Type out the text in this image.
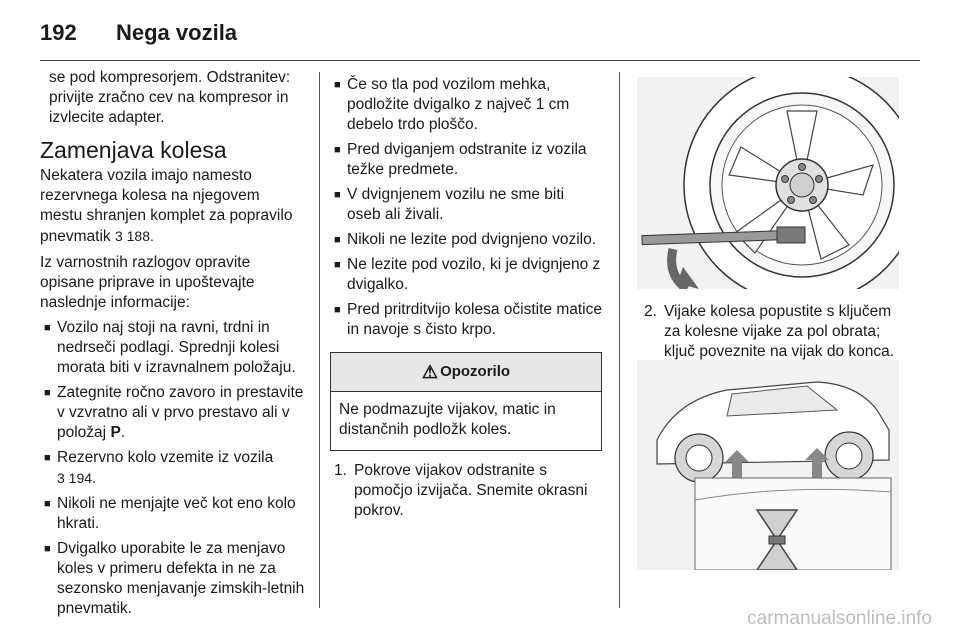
192 Nega vozila

se pod kompresorjem. Odstranitev: privijte zračno cev na kompresor in izvlecite adapter.

Zamenjava kolesa

Nekatera vozila imajo namesto rezervnega kolesa na njegovem mestu shranjen komplet za popravilo pnevmatik 3 188.

Iz varnostnih razlogov opravite opisane priprave in upoštevajte naslednje informacije:

■ Vozilo naj stoji na ravni, trdni in nedrseči podlagi. Sprednji kolesi morata biti v izravnalnem položaju.
■ Zategnite ročno zavoro in prestavite v vzvratno ali v prvo prestavo ali v položaj P.
■ Rezervno kolo vzemite iz vozila
3 194.
■ Nikoli ne menjajte več kot eno kolo hkrati.
■ Dvigalko uporabite le za menjavo koles v primeru defekta in ne za sezonsko menjavanje zimskih-letnih pnevmatik.
■ Če so tla pod vozilom mehka, podložite dvigalko z največ 1 cm debelo trdo ploščo.
■ Pred dviganjem odstranite iz vozila težke predmete.
■ V dvignjenem vozilu ne sme biti oseb ali živali.
■ Nikoli ne lezite pod dvignjeno vozilo.
■ Ne lezite pod vozilo, ki je dvignjeno z dvigalko.
■ Pred pritrditvijo kolesa očistite matice in navoje s čisto krpo.
⚠ Opozorilo
Ne podmazujte vijakov, matic in distančnih podložk koles.
1. Pokrove vijakov odstranite s pomočjo izvijača. Snemite okrasni pokrov.
2. Vijake kolesa popustite s ključem za kolesne vijake za pol obrata; ključ poveznite na vijak do konca.
carmanualsonline.info
